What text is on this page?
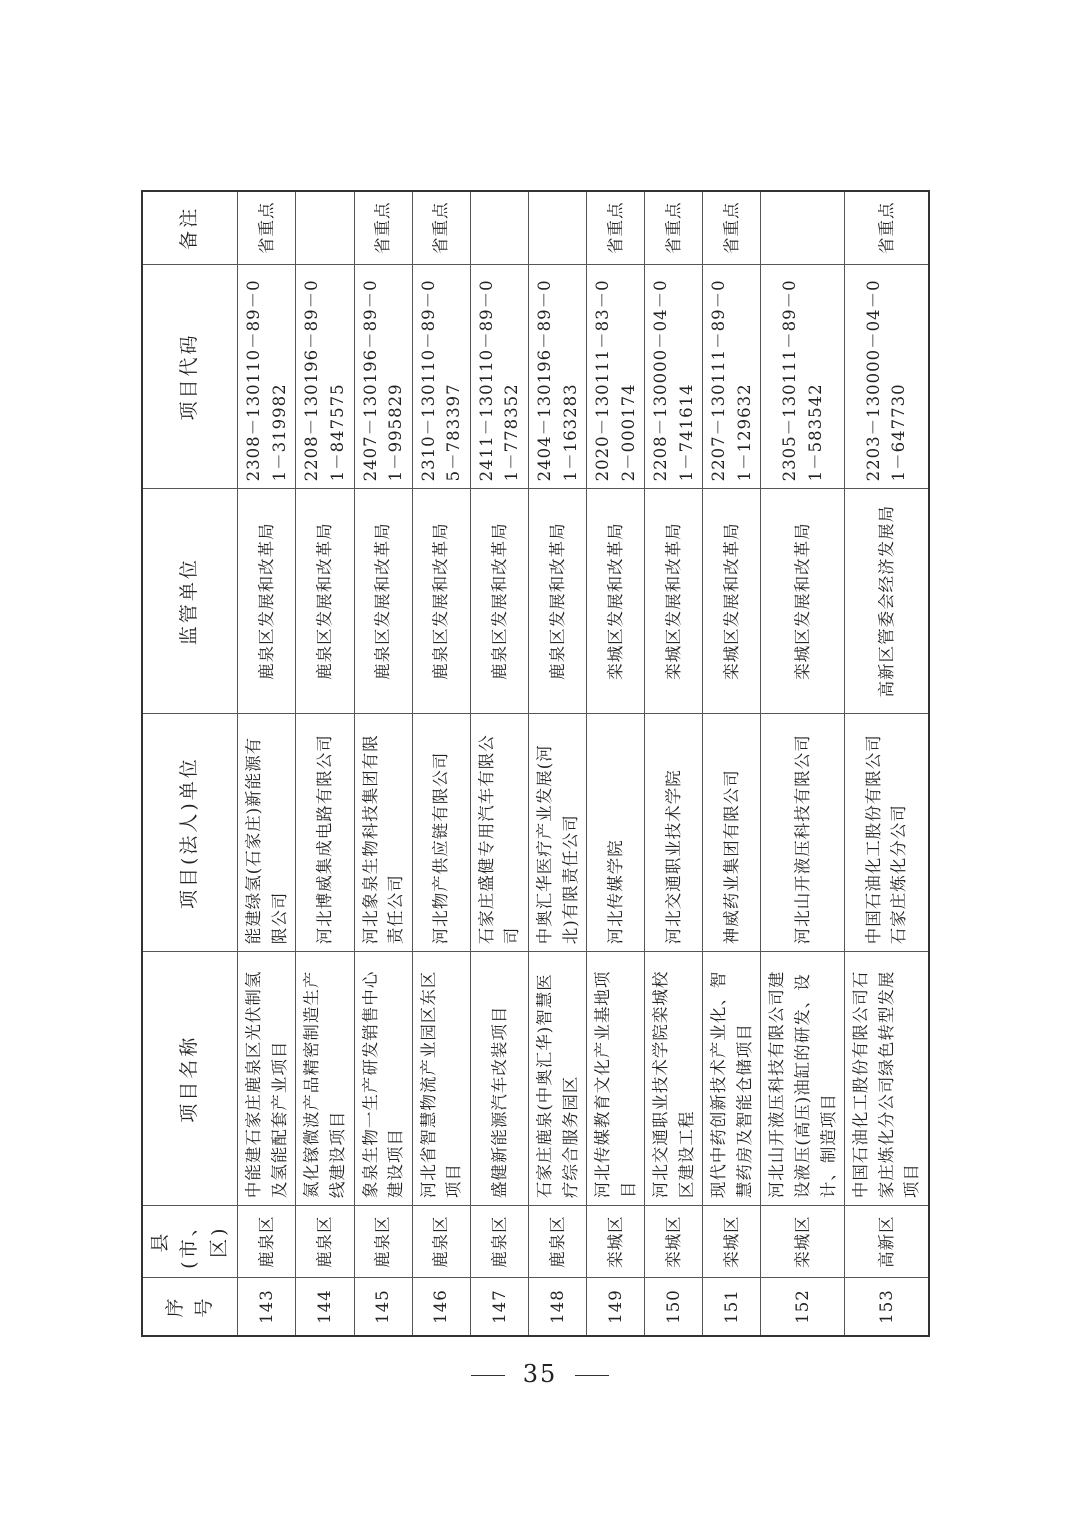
序号	县(市、区)	项目名称	项目(法人)单位	监管单位	项目代码	备注
143	鹿泉区	中能建石家庄鹿泉区光伏制氢及氢能配套产业项目	能建绿氢(石家庄)新能源有限公司	鹿泉区发展和改革局	2308－130110－89－01－319982	省重点
144	鹿泉区	氮化镓微波产品精密制造生产线建设项目	河北博威集成电路有限公司	鹿泉区发展和改革局	2208－130196－89－01－847575	
145	鹿泉区	象泉生物一生产研发销售中心建设项目	河北象泉生物科技集团有限责任公司	鹿泉区发展和改革局	2407－130196－89－01－995829	省重点
146	鹿泉区	河北省智慧物流产业园区东区项目	河北物产供应链有限公司	鹿泉区发展和改革局	2310－130110－89－05－783397	省重点
147	鹿泉区	盛健新能源汽车改装项目	石家庄盛健专用汽车有限公司	鹿泉区发展和改革局	2411－130110－89－01－778352	
148	鹿泉区	石家庄鹿泉(中奥汇华)智慧医疗综合服务园区	中奥汇华医疗产业发展(河北)有限责任公司	鹿泉区发展和改革局	2404－130196－89－01－163283	
149	栾城区	河北传媒教育文化产业基地项目	河北传媒学院	栾城区发展和改革局	2020－130111－83－02－000174	省重点
150	栾城区	河北交通职业技术学院栾城校区建设工程	河北交通职业技术学院	栾城区发展和改革局	2208－130000－04－01－741614	省重点
151	栾城区	现代中药创新技术产业化、智慧药房及智能仓储项目	神威药业集团有限公司	栾城区发展和改革局	2207－130111－89－01－129632	省重点
152	栾城区	河北山开液压科技有限公司建设液压(高压)油缸的研发、设计、制造项目	河北山开液压科技有限公司	栾城区发展和改革局	2305－130111－89－01－583542	
153	高新区	中国石油化工股份有限公司石家庄炼化分公司绿色转型发展项目	中国石油化工股份有限公司石家庄炼化分公司	高新区管委会经济发展局	2203－130000－04－01－647730	省重点
35
